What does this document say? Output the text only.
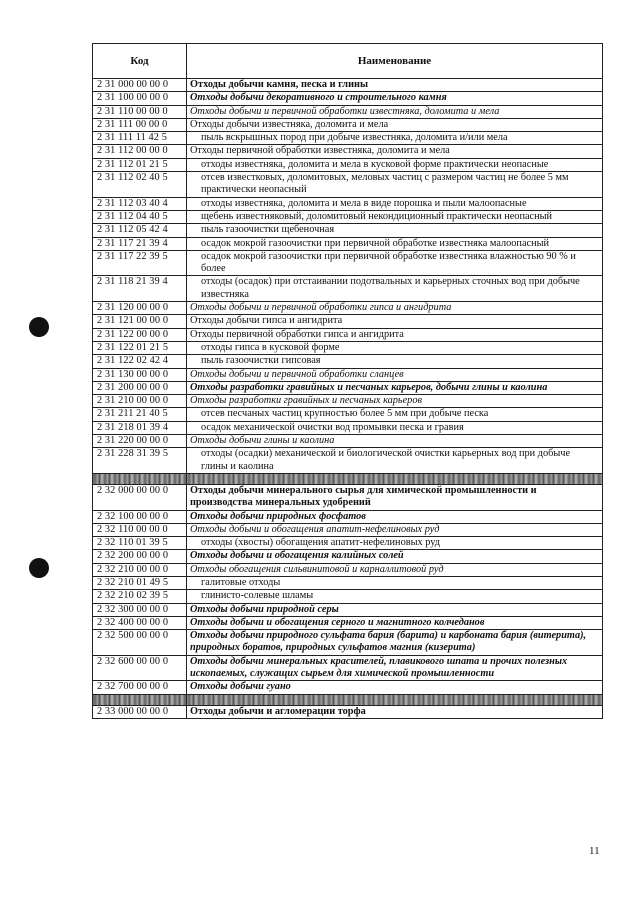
Код	Наименование
2 31 000 00 00 0	Отходы добычи камня, песка и глины
2 31 100 00 00 0	Отходы добычи декоративного и строительного камня
2 31 110 00 00 0	Отходы добычи и первичной обработки известняка, доломита и мела
2 31 111 00 00 0	Отходы добычи известняка, доломита и мела
2 31 111 11 42 5	пыль вскрышных пород при добыче известняка, доломита и/или мела
2 31 112 00 00 0	Отходы первичной обработки известняка, доломита и мела
2 31 112 01 21 5	отходы известняка, доломита и мела в кусковой форме практически неопасные
2 31 112 02 40 5	отсев известковых, доломитовых, меловых частиц с размером частиц не более 5 мм практически неопасный
2 31 112 03 40 4	отходы известняка, доломита и мела в виде порошка и пыли малоопасные
2 31 112 04 40 5	щебень известняковый, доломитовый некондиционный практически неопасный
2 31 112 05 42 4	пыль газоочистки щебеночная
2 31 117 21 39 4	осадок мокрой газоочистки при первичной обработке известняка малоопасный
2 31 117 22 39 5	осадок мокрой газоочистки при первичной обработке известняка влажностью 90 % и более
2 31 118 21 39 4	отходы (осадок) при отстаивании подотвальных и карьерных сточных вод при добыче известняка
2 31 120 00 00 0	Отходы добычи и первичной обработки гипса и ангидрита
2 31 121 00 00 0	Отходы добычи гипса и ангидрита
2 31 122 00 00 0	Отходы первичной обработки гипса и ангидрита
2 31 122 01 21 5	отходы гипса в кусковой форме
2 31 122 02 42 4	пыль газоочистки гипсовая
2 31 130 00 00 0	Отходы добычи и первичной обработки сланцев
2 31 200 00 00 0	Отходы разработки гравийных и песчаных карьеров, добычи глины и каолина
2 31 210 00 00 0	Отходы разработки гравийных и песчаных карьеров
2 31 211 21 40 5	отсев песчаных частиц крупностью более 5 мм при добыче песка
2 31 218 01 39 4	осадок механической очистки вод промывки песка и гравия
2 31 220 00 00 0	Отходы добычи глины и каолина
2 31 228 31 39 5	отходы (осадки) механической и биологической очистки карьерных вод при добыче глины и каолина

2 32 000 00 00 0	Отходы добычи минерального сырья для химической промышленности и производства минеральных удобрений
2 32 100 00 00 0	Отходы добычи природных фосфатов
2 32 110 00 00 0	Отходы добычи и обогащения апатит-нефелиновых руд
2 32 110 01 39 5	отходы (хвосты) обогащения апатит-нефелиновых руд
2 32 200 00 00 0	Отходы добычи и обогащения калийных солей
2 32 210 00 00 0	Отходы обогащения сильвинитовой и карналлитовой руд
2 32 210 01 49 5	галитовые отходы
2 32 210 02 39 5	глинисто-солевые шламы
2 32 300 00 00 0	Отходы добычи природной серы
2 32 400 00 00 0	Отходы добычи и обогащения серного и магнитного колчеданов
2 32 500 00 00 0	Отходы добычи природного сульфата бария (барита) и карбоната бария (витерита), природных боратов, природных сульфатов магния (кизерита)
2 32 600 00 00 0	Отходы добычи минеральных красителей, плавикового шпата и прочих полезных ископаемых, служащих сырьем для химической промышленности
2 32 700 00 00 0	Отходы добычи гуано

2 33 000 00 00 0	Отходы добычи и агломерации торфа
11
